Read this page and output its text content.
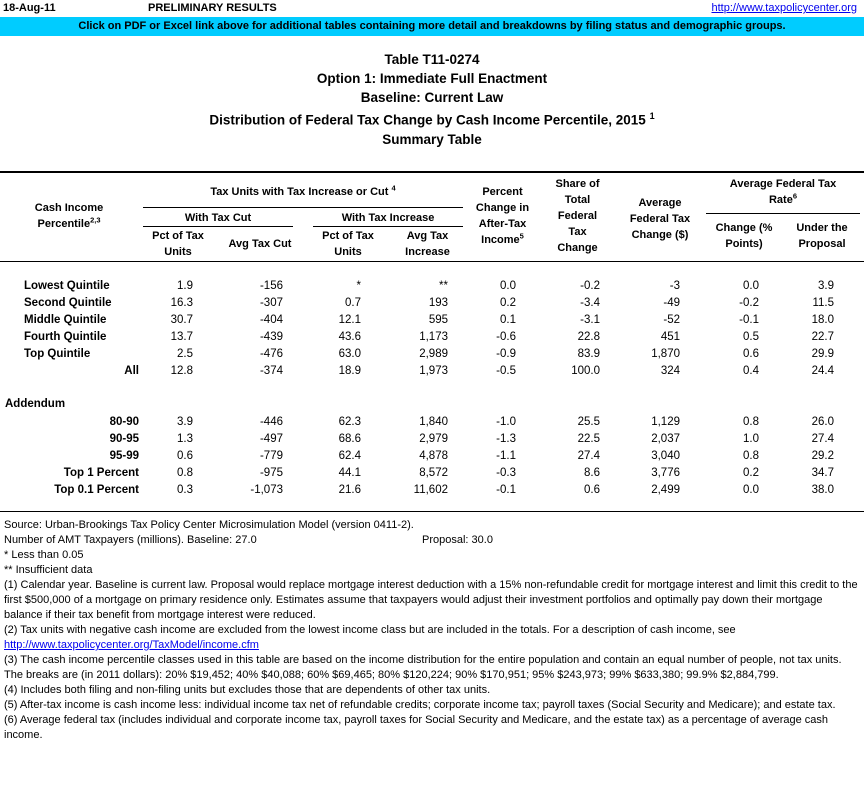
18-Aug-11	PRELIMINARY RESULTS	http://www.taxpolicycenter.org
Click on PDF or Excel link above for additional tables containing more detail and breakdowns by filing status and demographic groups.
Table T11-0274
Option 1: Immediate Full Enactment
Baseline: Current Law
Distribution of Federal Tax Change by Cash Income Percentile, 2015 $^1$
Summary Table
Cash Income
Percentile$^{2,3}$
Tax Units with Tax Increase or Cut $^4$
With Tax Cut	With Tax Increase
Pct of Tax
Units
Avg Tax Cut
Pct of Tax
Units
Avg Tax
Increase
Percent
Change in
After-Tax
Income$^5$
Share of
Total
Federal
Tax
Change
Average
Federal Tax
Change ($)
Average Federal Tax
Rate$^6$
Change (%
Points)
Under the
Proposal
Lowest Quintile	1.9	-156	*	**	0.0	-0.2	-3	0.0	3.9
Second Quintile	16.3	-307	0.7	193	0.2	-3.4	-49	-0.2	11.5
Middle Quintile	30.7	-404	12.1	595	0.1	-3.1	-52	-0.1	18.0
Fourth Quintile	13.7	-439	43.6	1,173	-0.6	22.8	451	0.5	22.7
Top Quintile	2.5	-476	63.0	2,989	-0.9	83.9	1,870	0.6	29.9
All	12.8	-374	18.9	1,973	-0.5	100.0	324	0.4	24.4
80-90	3.9	-446	62.3	1,840	-1.0	25.5	1,129	0.8	26.0
90-95	1.3	-497	68.6	2,979	-1.3	22.5	2,037	1.0	27.4
95-99	0.6	-779	62.4	4,878	-1.1	27.4	3,040	0.8	29.2
Top 1 Percent	0.8	-975	44.1	8,572	-0.3	8.6	3,776	0.2	34.7
Top 0.1 Percent	0.3	-1,073	21.6	11,602	-0.1	0.6	2,499	0.0	38.0
Addendum
Source: Urban-Brookings Tax Policy Center Microsimulation Model (version 0411-2).
Number of AMT Taxpayers (millions). Baseline: 27.0	Proposal: 30.0
* Less than 0.05
** Insufficient data
(1) Calendar year. Baseline is current law. Proposal would replace mortgage interest deduction with a 15% non-refundable credit for mortgage interest and limit this credit to the first $500,000 of a mortgage on primary residence only. Estimates assume that taxpayers would adjust their investment portfolios and optimally pay down their mortgage balance if their tax benefit from mortgage interest were reduced.
(2) Tax units with negative cash income are excluded from the lowest income class but are included in the totals. For a description of cash income, see
http://www.taxpolicycenter.org/TaxModel/income.cfm
(3) The cash income percentile classes used in this table are based on the income distribution for the entire population and contain an equal number of people, not tax units. The breaks are (in 2011 dollars): 20% $19,452; 40% $40,088; 60% $69,465; 80% $120,224; 90% $170,951; 95% $243,973; 99% $633,380; 99.9% $2,884,799.
(4) Includes both filing and non-filing units but excludes those that are dependents of other tax units.
(5) After-tax income is cash income less: individual income tax net of refundable credits; corporate income tax; payroll taxes (Social Security and Medicare); and estate tax.
(6) Average federal tax (includes individual and corporate income tax, payroll taxes for Social Security and Medicare, and the estate tax) as a percentage of average cash income.
